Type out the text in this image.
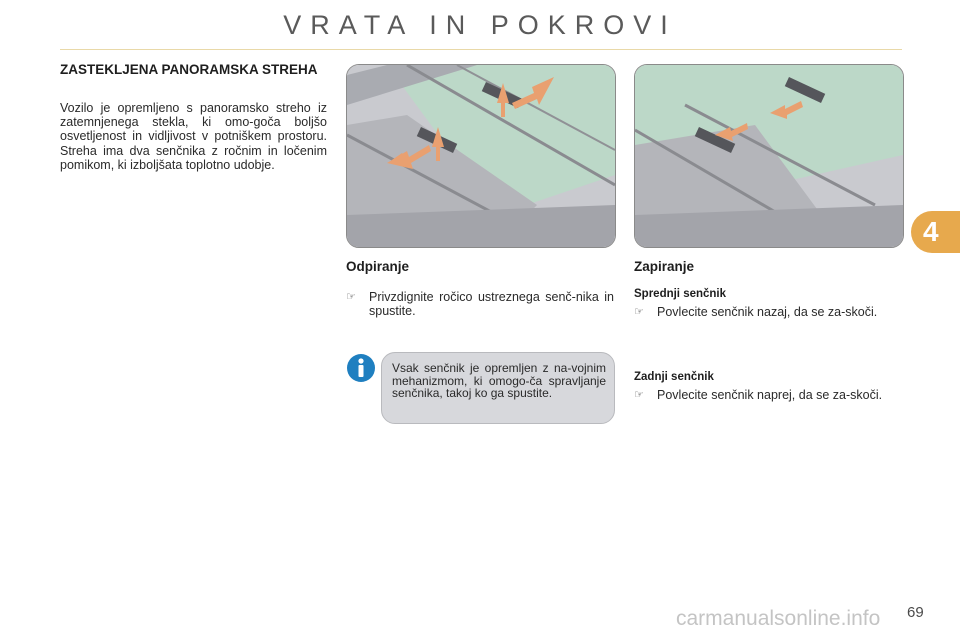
VRATA IN POKROVI
ZASTEKLJENA PANORAMSKA STREHA
Vozilo je opremljeno s panoramsko streho iz zatemnjenega stekla, ki omo-goča boljšo osvetljenost in vidljivost v potniškem prostoru. Streha ima dva senčnika z ročnim in ločenim pomikom, ki izboljšata toplotno udobje.
Odpiranje
☞ Privzdignite ročico ustreznega senč-nika in spustite.
Vsak senčnik je opremljen z na-vojnim mehanizmom, ki omogo-ča spravljanje senčnika, takoj ko ga spustite.
Zapiranje
Sprednji senčnik
☞ Povlecite senčnik nazaj, da se za-skoči.
Zadnji senčnik
☞ Povlecite senčnik naprej, da se za-skoči.
4
carmanualsonline.info 69
